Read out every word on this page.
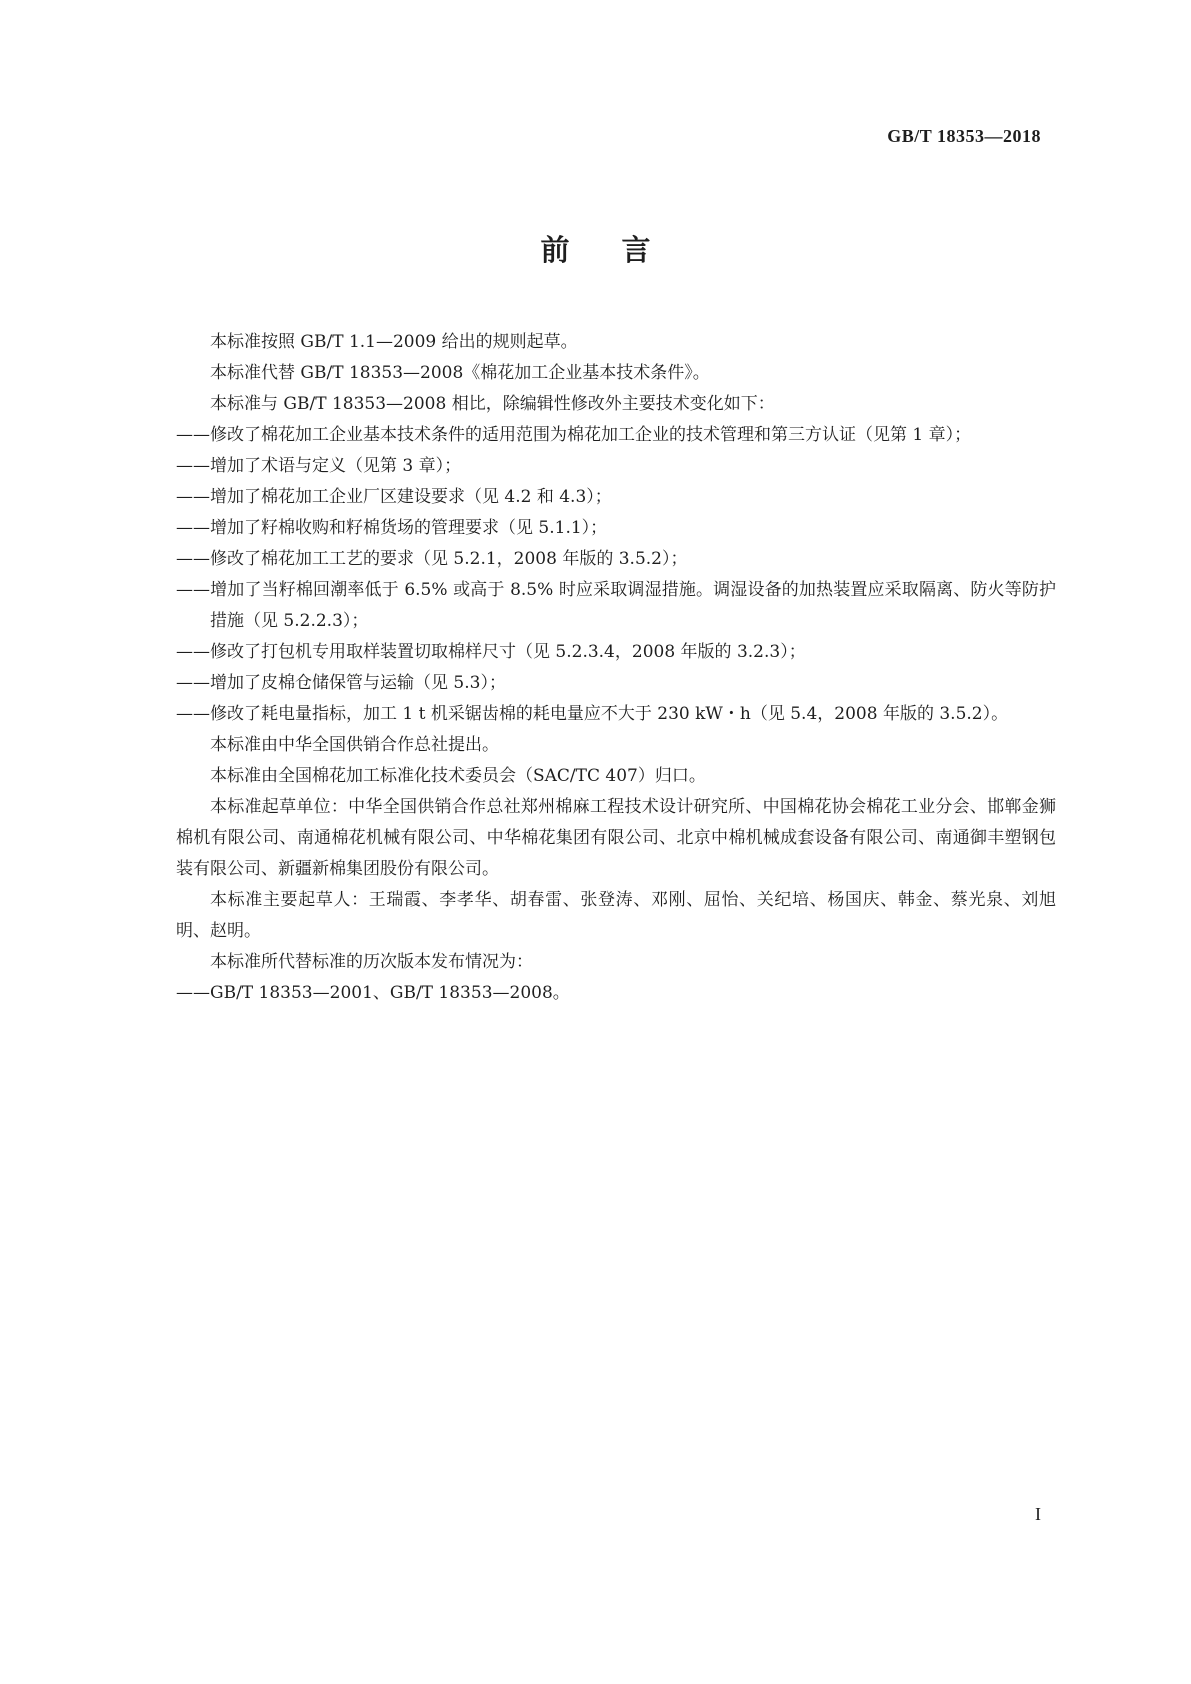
GB/T 18353—2018
前 言
本标准按照 GB/T 1.1—2009 给出的规则起草。
本标准代替 GB/T 18353—2008《棉花加工企业基本技术条件》。
本标准与 GB/T 18353—2008 相比，除编辑性修改外主要技术变化如下：
——修改了棉花加工企业基本技术条件的适用范围为棉花加工企业的技术管理和第三方认证（见第 1 章）；
——增加了术语与定义（见第 3 章）；
——增加了棉花加工企业厂区建设要求（见 4.2 和 4.3）；
——增加了籽棉收购和籽棉货场的管理要求（见 5.1.1）；
——修改了棉花加工工艺的要求（见 5.2.1，2008 年版的 3.5.2）；
——增加了当籽棉回潮率低于 6.5% 或高于 8.5% 时应采取调湿措施。调湿设备的加热装置应采取隔离、防火等防护措施（见 5.2.2.3）；
——修改了打包机专用取样装置切取棉样尺寸（见 5.2.3.4，2008 年版的 3.2.3）；
——增加了皮棉仓储保管与运输（见 5.3）；
——修改了耗电量指标，加工 1 t 机采锯齿棉的耗电量应不大于 230 kW・h（见 5.4，2008 年版的 3.5.2）。
本标准由中华全国供销合作总社提出。
本标准由全国棉花加工标准化技术委员会（SAC/TC 407）归口。
本标准起草单位：中华全国供销合作总社郑州棉麻工程技术设计研究所、中国棉花协会棉花工业分会、邯郸金狮棉机有限公司、南通棉花机械有限公司、中华棉花集团有限公司、北京中棉机械成套设备有限公司、南通御丰塑钢包装有限公司、新疆新棉集团股份有限公司。
本标准主要起草人：王瑞霞、李孝华、胡春雷、张登涛、邓刚、屈怡、关纪培、杨国庆、韩金、蔡光泉、刘旭明、赵明。
本标准所代替标准的历次版本发布情况为：
——GB/T 18353—2001、GB/T 18353—2008。
I
